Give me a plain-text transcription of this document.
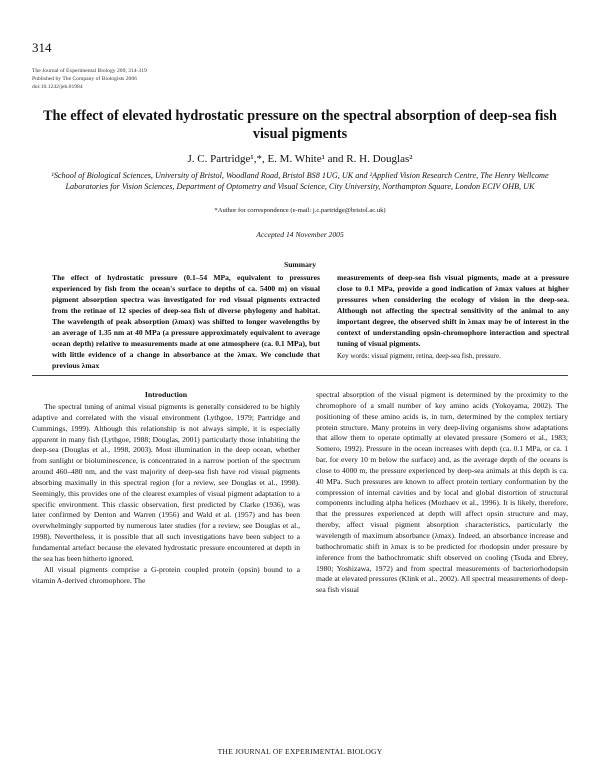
314
The Journal of Experimental Biology 209, 314-319
Published by The Company of Biologists 2006
doi:10.1242/jeb.01984
The effect of elevated hydrostatic pressure on the spectral absorption of deep-sea fish visual pigments
J. C. Partridge¹,*, E. M. White¹ and R. H. Douglas²
¹School of Biological Sciences, University of Bristol, Woodland Road, Bristol BS8 1UG, UK and ²Applied Vision Research Centre, The Henry Wellcome Laboratories for Vision Sciences, Department of Optometry and Visual Science, City University, Northampton Square, London ECIV OHB, UK
*Author for correspondence (e-mail: j.c.partridge@bristol.ac.uk)
Accepted 14 November 2005
Summary
The effect of hydrostatic pressure (0.1–54 MPa, equivalent to pressures experienced by fish from the ocean's surface to depths of ca. 5400 m) on visual pigment absorption spectra was investigated for rod visual pigments extracted from the retinae of 12 species of deep-sea fish of diverse phylogeny and habitat. The wavelength of peak absorption (λmax) was shifted to longer wavelengths by an average of 1.35 nm at 40 MPa (a pressure approximately equivalent to average ocean depth) relative to measurements made at one atmosphere (ca. 0.1 MPa), but with little evidence of a change in absorbance at the λmax. We conclude that previous λmax
measurements of deep-sea fish visual pigments, made at a pressure close to 0.1 MPa, provide a good indication of λmax values at higher pressures when considering the ecology of vision in the deep-sea. Although not affecting the spectral sensitivity of the animal to any important degree, the observed shift in λmax may be of interest in the context of understanding opsin-chromophore interaction and spectral tuning of visual pigments.
Key words: visual pigment, retina, deep-sea fish, pressure.
Introduction

The spectral tuning of animal visual pigments is generally considered to be highly adaptive and correlated with the visual environment (Lythgoe, 1979; Partridge and Cummings, 1999). Although this relationship is not always simple, it is especially apparent in many fish (Lythgoe, 1988; Douglas, 2001) particularly those inhabiting the deep-sea (Douglas et al., 1998, 2003). Most illumination in the deep ocean, whether from sunlight or bioluminescence, is concentrated in a narrow portion of the spectrum around 460–480 nm, and the vast majority of deep-sea fish have rod visual pigments absorbing maximally in this spectral region (for a review, see Douglas et al., 1998). Seemingly, this provides one of the clearest examples of visual pigment adaptation to a specific environment. This classic observation, first predicted by Clarke (1936), was later confirmed by Denton and Warren (1956) and Wald et al. (1957) and has been overwhelmingly supported by numerous later studies (for a review, see Douglas et al., 1998). Nevertheless, it is possible that all such investigations have been subject to a fundamental artefact because the elevated hydrostatic pressure encountered at depth in the sea has been hitherto ignored.

All visual pigments comprise a G-protein coupled protein (opsin) bound to a vitamin A-derived chromophore. The

spectral absorption of the visual pigment is determined by the proximity to the chromophore of a small number of key amino acids (Yokoyama, 2002). The positioning of these amino acids is, in turn, determined by the complex tertiary protein structure. Many proteins in very deep-living organisms show adaptations that allow them to operate optimally at elevated pressure (Somero et al., 1983; Somero, 1992). Pressure in the ocean increases with depth (ca. 0.1 MPa, or ca. 1 bar, for every 10 m below the surface) and, as the average depth of the oceans is close to 4000 m, the pressure experienced by deep-sea animals at this depth is ca. 40 MPa. Such pressures are known to affect protein tertiary conformation by the compression of internal cavities and by local and global distortion of structural components including alpha helices (Mozhaev et al., 1996). It is likely, therefore, that the pressures experienced at depth will affect opsin structure and may, thereby, affect visual pigment absorption characteristics, particularly the wavelength of maximum absorbance (λmax). Indeed, an absorbance increase and bathochromatic shift in λmax is to be predicted for rhodopsin under pressure by inference from the bathochromatic shift observed on cooling (Tsuda and Ebrey, 1980; Yoshizawa, 1972) and from spectral measurements of bacteriorhodopsin made at elevated pressures (Klink et al., 2002). All spectral measurements of deep-sea fish visual

THE JOURNAL OF EXPERIMENTAL BIOLOGY
